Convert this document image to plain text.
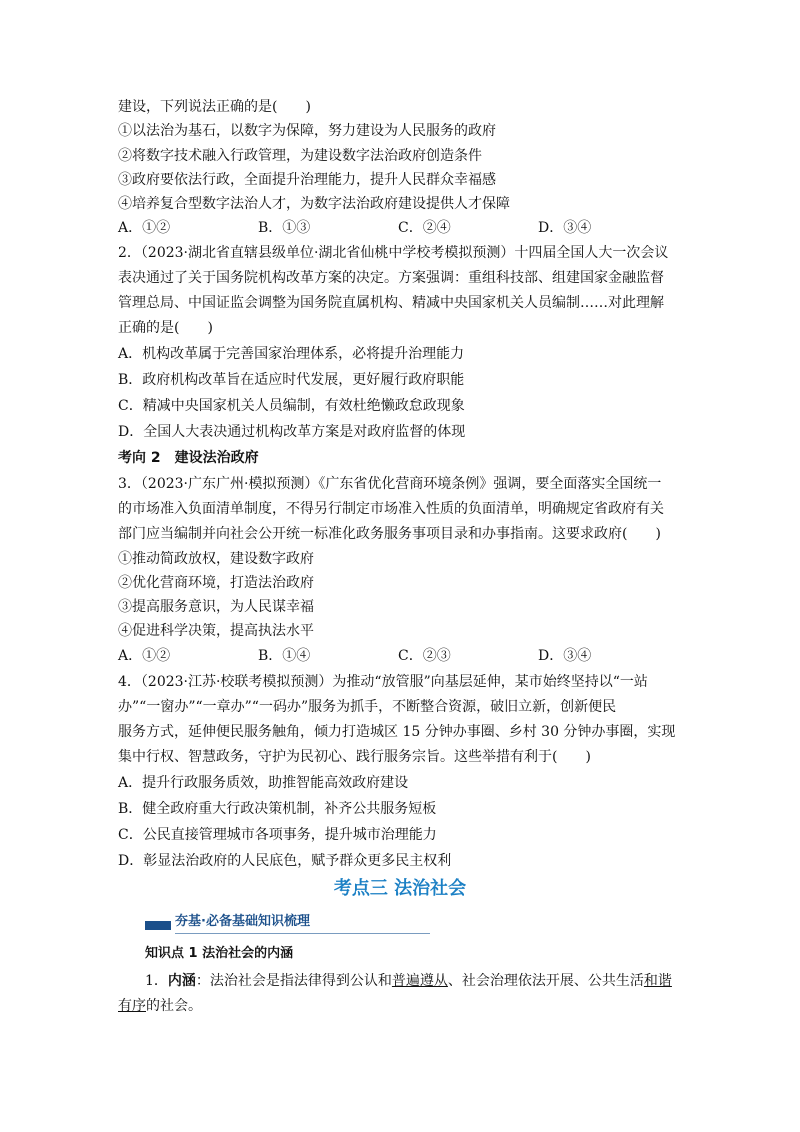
建设，下列说法正确的是(　　)
①以法治为基石，以数字为保障，努力建设为人民服务的政府
②将数字技术融入行政管理，为建设数字法治政府创造条件
③政府要依法行政，全面提升治理能力，提升人民群众幸福感
④培养复合型数字法治人才，为数字法治政府建设提供人才保障
A．①②	B．①③	C．②④	D．③④
2．（2023·湖北省直辖县级单位·湖北省仙桃中学校考模拟预测）十四届全国人大一次会议
表决通过了关于国务院机构改革方案的决定。方案强调：重组科技部、组建国家金融监督
管理总局、中国证监会调整为国务院直属机构、精减中央国家机关人员编制……对此理解
正确的是(　　)
A．机构改革属于完善国家治理体系，必将提升治理能力
B．政府机构改革旨在适应时代发展，更好履行政府职能
C．精减中央国家机关人员编制，有效杜绝懒政怠政现象
D．全国人大表决通过机构改革方案是对政府监督的体现
考向 2　建设法治政府
3．（2023·广东广州·模拟预测）《广东省优化营商环境条例》强调，要全面落实全国统一
的市场准入负面清单制度，不得另行制定市场准入性质的负面清单，明确规定省政府有关
部门应当编制并向社会公开统一标准化政务服务事项目录和办事指南。这要求政府(　　)
①推动简政放权，建设数字政府
②优化营商环境，打造法治政府
③提高服务意识，为人民谋幸福
④促进科学决策，提高执法水平
A．①②	B．①④	C．②③	D．③④
4．（2023·江苏·校联考模拟预测）为推动“放管服”向基层延伸，某市始终坚持以“一站
办”“一窗办”“一章办”“一码办”服务为抓手，不断整合资源，破旧立新，创新便民
服务方式，延伸便民服务触角，倾力打造城区 15 分钟办事圈、乡村 30 分钟办事圈，实现
集中行权、智慧政务，守护为民初心、践行服务宗旨。这些举措有利于(　　)
A．提升行政服务质效，助推智能高效政府建设
B．健全政府重大行政决策机制，补齐公共服务短板
C．公民直接管理城市各项事务，提升城市治理能力
D．彰显法治政府的人民底色，赋予群众更多民主权利
考点三 法治社会
夯基·必备基础知识梳理
知识点 1 法治社会的内涵
1．内涵：法治社会是指法律得到公认和普遍遵从、社会治理依法开展、公共生活和谐
有序的社会。
